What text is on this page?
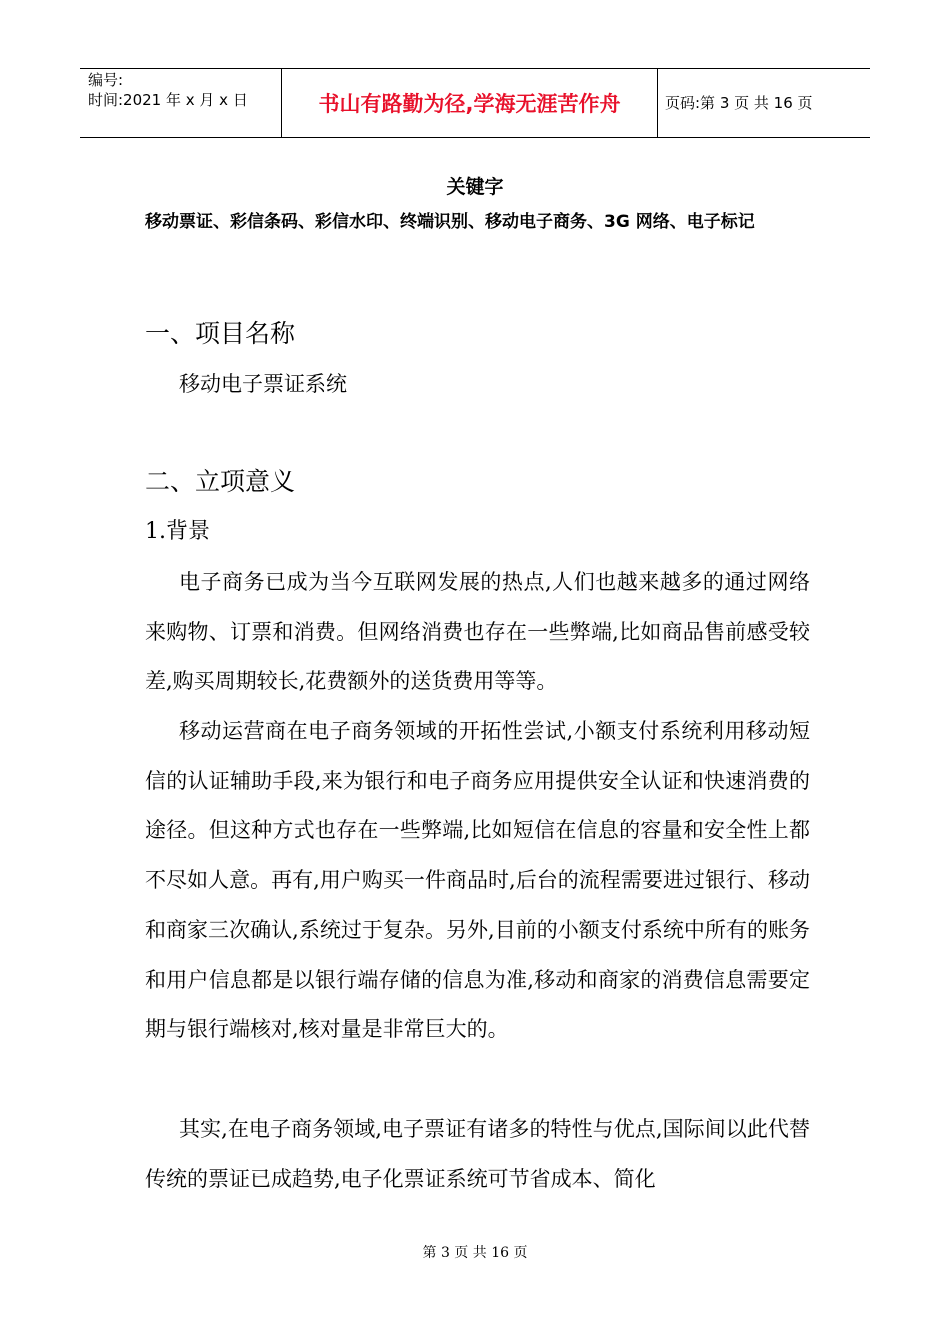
编号:
时间:2021 年 x 月 x 日	书山有路勤为径,学海无涯苦作舟	页码:第 3 页 共 16 页
关键字
移动票证、彩信条码、彩信水印、终端识别、移动电子商务、3G 网络、电子标记
一、项目名称
移动电子票证系统
二、立项意义
1.背景
电子商务已成为当今互联网发展的热点,人们也越来越多的通过网络来购物、订票和消费。但网络消费也存在一些弊端,比如商品售前感受较差,购买周期较长,花费额外的送货费用等等。
移动运营商在电子商务领域的开拓性尝试,小额支付系统利用移动短信的认证辅助手段,来为银行和电子商务应用提供安全认证和快速消费的途径。但这种方式也存在一些弊端,比如短信在信息的容量和安全性上都不尽如人意。再有,用户购买一件商品时,后台的流程需要进过银行、移动和商家三次确认,系统过于复杂。另外,目前的小额支付系统中所有的账务和用户信息都是以银行端存储的信息为准,移动和商家的消费信息需要定期与银行端核对,核对量是非常巨大的。
其实,在电子商务领域,电子票证有诸多的特性与优点,国际间以此代替传统的票证已成趋势,电子化票证系统可节省成本、简化
第 3 页 共 16 页
